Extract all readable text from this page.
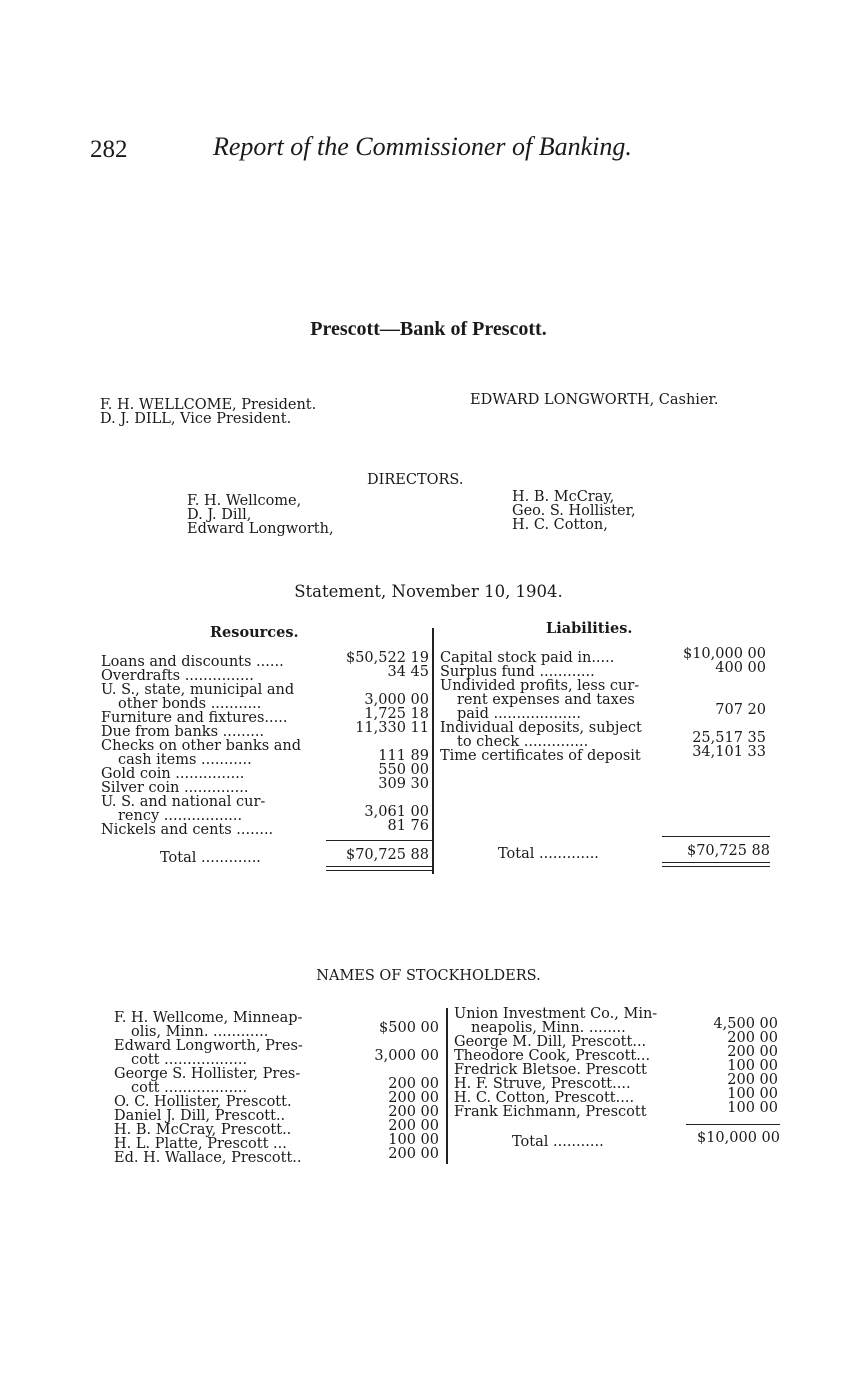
282	Report of the Commissioner of Banking.
Prescott—Bank of Prescott.
F. H. WELLCOME, President.
D. J. DILL, Vice President.
EDWARD LONGWORTH, Cashier.
DIRECTORS.
F. H. Wellcome,
D. J. Dill,
Edward Longworth,
H. B. McCray,
Geo. S. Hollister,
H. C. Cotton,
Statement, November 10, 1904.
Resources.	Liabilities.
Loans and discounts ......	$50,522 19
Overdrafts ...............	34 45
U. S., state, municipal and
other bonds ...........	3,000 00
Furniture and fixtures.....	1,725 18
Due from banks .........	11,330 11
Checks on other banks and
cash items ...........	111 89
Gold coin ...............	550 00
Silver coin ..............	309 30
U. S. and national cur-
rency .................	3,061 00
Nickels and cents ........	81 76
Total .............	$70,725 88
Capital stock paid in.....	$10,000 00
Surplus fund ............	400 00
Undivided profits, less cur-
rent expenses and taxes
paid ...................	707 20
Individual deposits, subject
to check ..............	25,517 35
Time certificates of deposit	34,101 33
Total .............	$70,725 88
NAMES OF STOCKHOLDERS.
F. H. Wellcome, Minneap-
olis, Minn. ............	$500 00
Edward Longworth, Pres-
cott ..................	3,000 00
George S. Hollister, Pres-
cott ..................	200 00
O. C. Hollister, Prescott.	200 00
Daniel J. Dill, Prescott..	200 00
H. B. McCray, Prescott..	200 00
H. L. Platte, Prescott ...	100 00
Ed. H. Wallace, Prescott..	200 00
Union Investment Co., Min-
neapolis, Minn. ........	4,500 00
George M. Dill, Prescott...	200 00
Theodore Cook, Prescott...	200 00
Fredrick Bletsoe. Prescott	100 00
H. F. Struve, Prescott....	200 00
H. C. Cotton, Prescott....	100 00
Frank Eichmann, Prescott	100 00
Total ...........	$10,000 00
